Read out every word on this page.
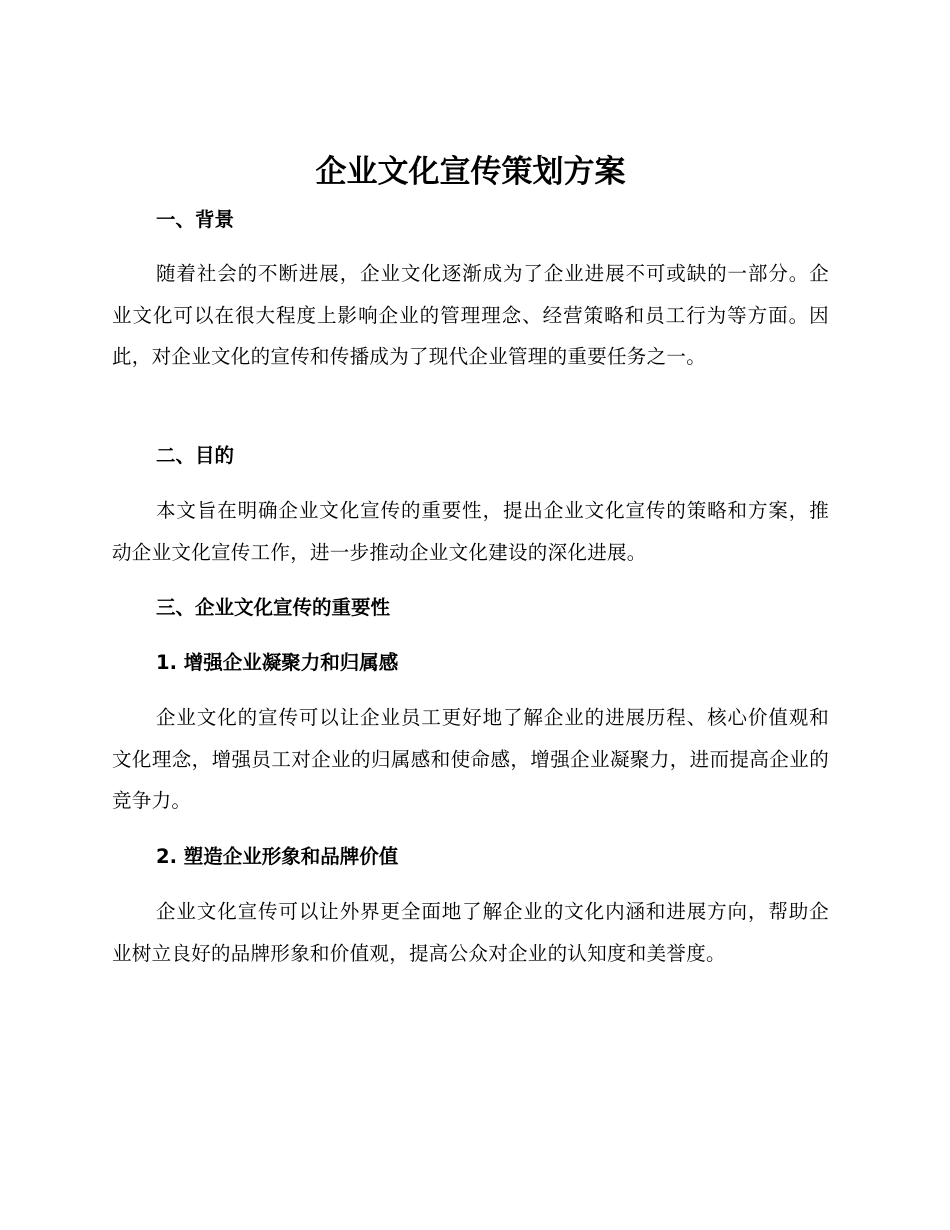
企业文化宣传策划方案
一、背景

随着社会的不断进展，企业文化逐渐成为了企业进展不可或缺的一部分。企业文化可以在很大程度上影响企业的管理理念、经营策略和员工行为等方面。因此，对企业文化的宣传和传播成为了现代企业管理的重要任务之一。

二、目的

本文旨在明确企业文化宣传的重要性，提出企业文化宣传的策略和方案，推动企业文化宣传工作，进一步推动企业文化建设的深化进展。

三、企业文化宣传的重要性
1. 增强企业凝聚力和归属感

企业文化的宣传可以让企业员工更好地了解企业的进展历程、核心价值观和文化理念，增强员工对企业的归属感和使命感，增强企业凝聚力，进而提高企业的竞争力。

2. 塑造企业形象和品牌价值

企业文化宣传可以让外界更全面地了解企业的文化内涵和进展方向，帮助企业树立良好的品牌形象和价值观，提高公众对企业的认知度和美誉度。
